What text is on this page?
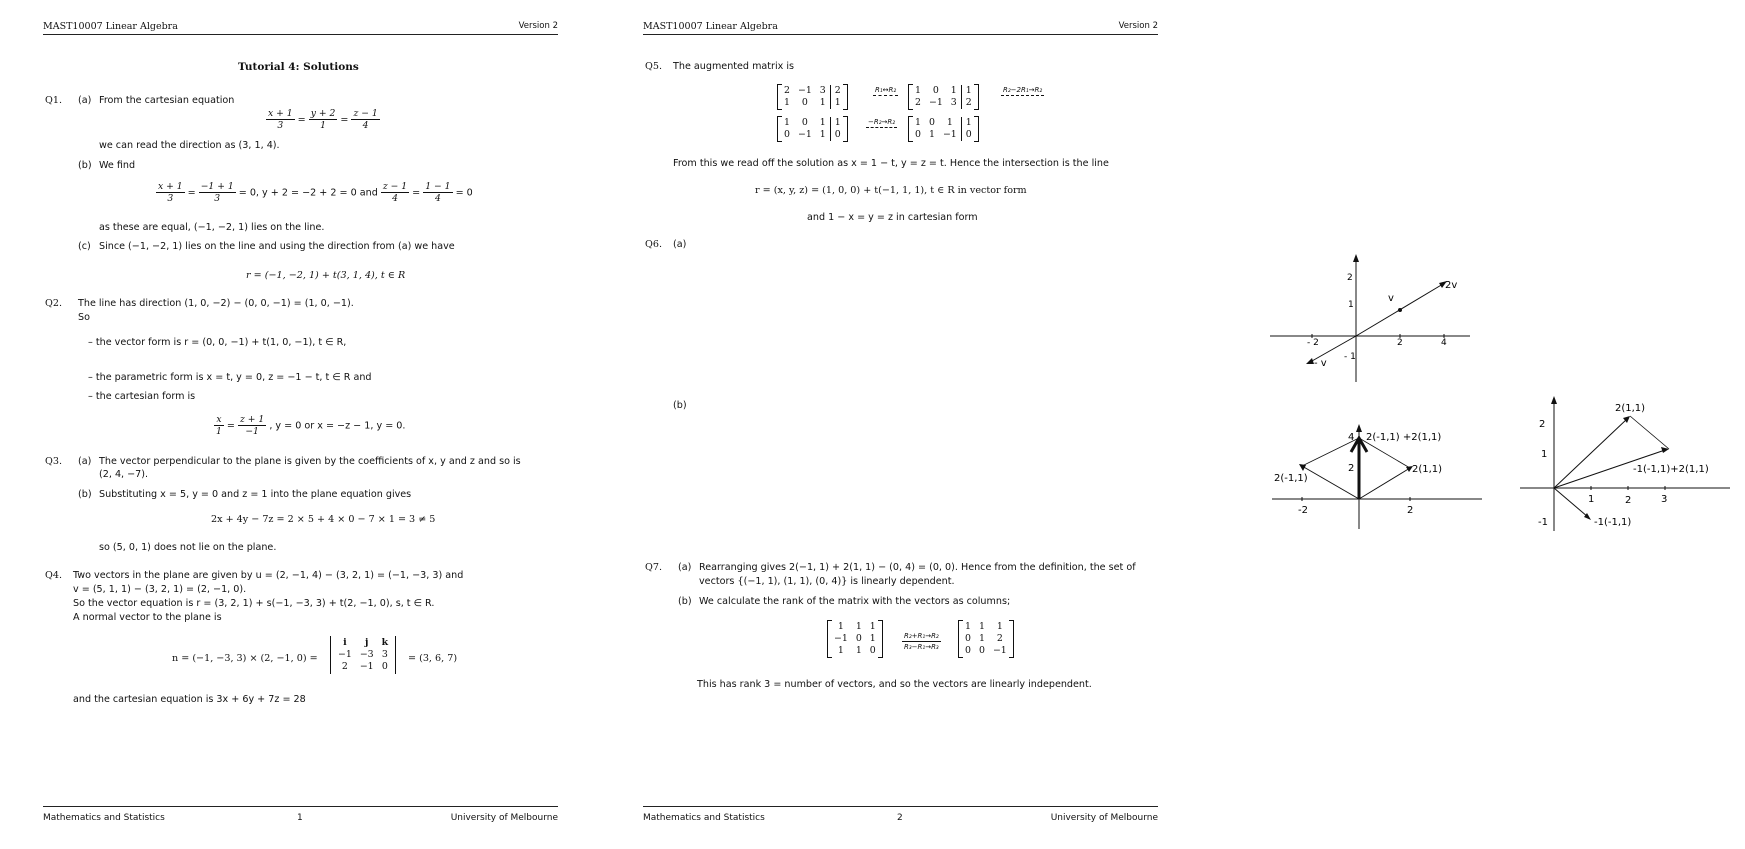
MAST10007 Linear Algebra	Version 2
Tutorial 4: Solutions
Q1. (a) From the cartesian equation
$\frac{x + 1}{3} = \frac{y + 2}{1} = \frac{z - 1}{4}$
we can read the direction as (3, 1, 4).
(b) We find
$\frac{x + 1}{3} = \frac{-1 + 1}{3} = 0$, y + 2 = −2 + 2 = 0 and $\frac{z - 1}{4} = \frac{1 - 1}{4} = 0$
as these are equal, (−1, −2, 1) lies on the line.
(c) Since (−1, −2, 1) lies on the line and using the direction from (a) we have
r = (−1, −2, 1) + t(3, 1, 4), t ∈ R
Q2. The line has direction (1, 0, −2) − (0, 0, −1) = (1, 0, −1).
So
– the vector form is r = (0, 0, −1) + t(1, 0, −1), t ∈ R,
– the parametric form is x = t, y = 0, z = −1 − t, t ∈ R and
– the cartesian form is
$\frac{x}{1} = \frac{z + 1}{-1}$ , y = 0 or x = −z − 1, y = 0.
Q3. (a) The vector perpendicular to the plane is given by the coefficients of x, y and z and so is
(2, 4, −7).
(b) Substituting x = 5, y = 0 and z = 1 into the plane equation gives
2x + 4y − 7z = 2 × 5 + 4 × 0 − 7 × 1 = 3 ≠ 5
so (5, 0, 1) does not lie on the plane.
Q4. Two vectors in the plane are given by u = (2, −1, 4) − (3, 2, 1) = (−1, −3, 3) and
v = (5, 1, 1) − (3, 2, 1) = (2, −1, 0).
So the vector equation is r = (3, 2, 1) + s(−1, −3, 3) + t(2, −1, 0), s, t ∈ R.
A normal vector to the plane is
n = (−1, −3, 3) × (2, −1, 0) =
i	j	k
−1	−3	3
2	−1	0
= (3, 6, 7)
and the cartesian equation is 3x + 6y + 7z = 28
Mathematics and Statistics	1	University of Melbourne
MAST10007 Linear Algebra	Version 2
Q5. The augmented matrix is
2	−1	3	2
1	0	1	1
R₁↔R₂ 1	0	1	1
2	−1	3	2
R₂−2R₁→R₂
1	0	1	1
0	−1	1	0
−R₂→R₂ 1	0	1	1
0	1	−1	0
From this we read off the solution as x = 1 − t, y = z = t. Hence the intersection is the line
r = (x, y, z) = (1, 0, 0) + t(−1, 1, 1), t ∈ R in vector form
and 1 − x = y = z in cartesian form
Q6. (a)
- 2	2	4
2
1
- 1
v
2v
- v
(b)
-2	2
4
2
2(-1,1) +2(1,1)
2(-1,1)
2(1,1)
1	2	3
2
1
-1
2(1,1)
-1(-1,1)+2(1,1)
-1(-1,1)
Q7. (a) Rearranging gives 2(−1, 1) + 2(1, 1) − (0, 4) = (0, 0). Hence from the definition, the set of
vectors {(−1, 1), (1, 1), (0, 4)} is linearly dependent.
(b) We calculate the rank of the matrix with the vectors as columns;
1	1	1
−1	0	1
1	1	0
R₂+R₁→R₂
R₃−R₁→R₃
1	1	1
0	1	2
0	0	−1
This has rank 3 = number of vectors, and so the vectors are linearly independent.
Mathematics and Statistics	2	University of Melbourne
